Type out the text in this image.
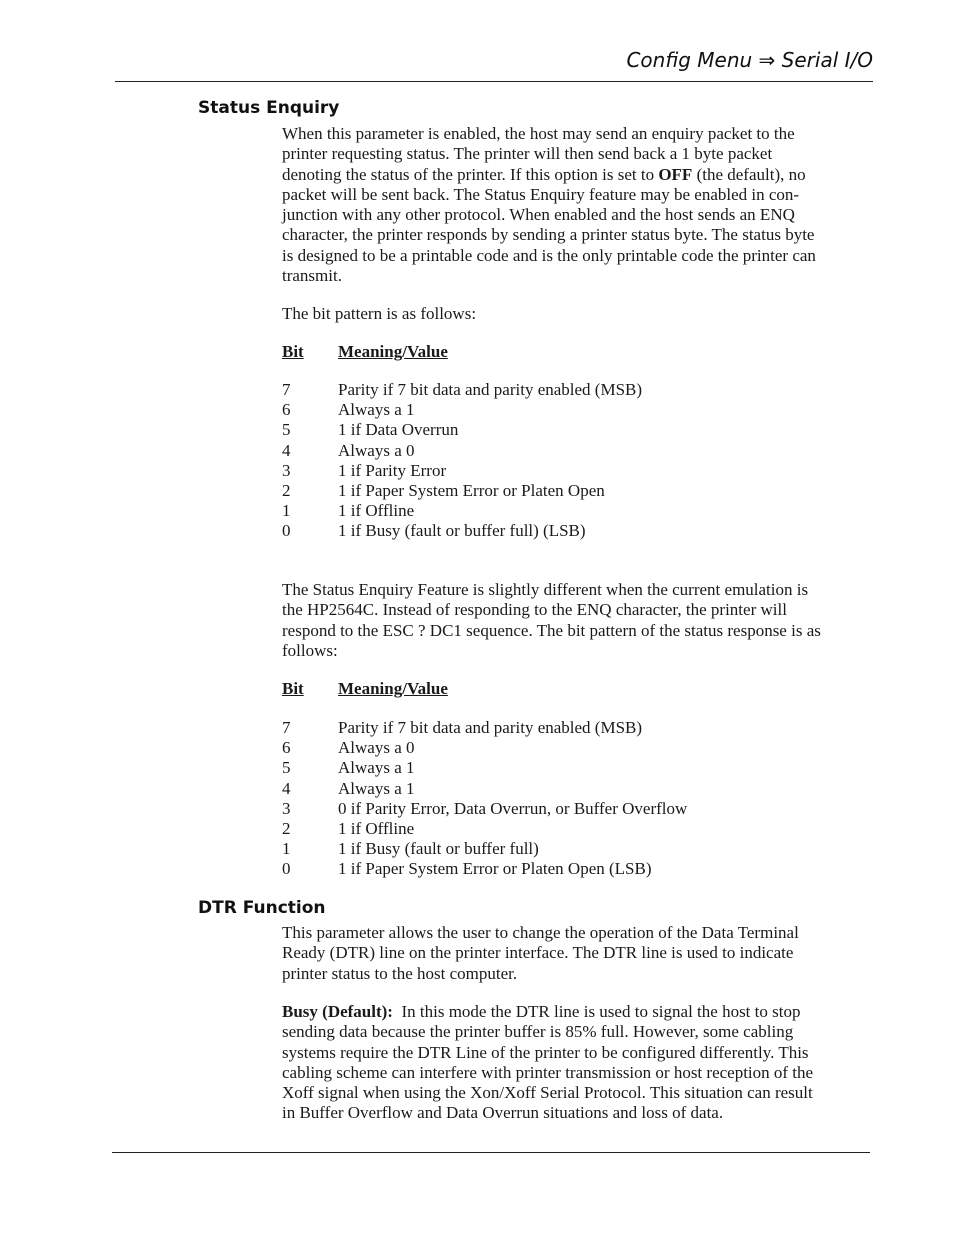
Config Menu ⇒ Serial I/O
Status Enquiry
When this parameter is enabled, the host may send an enquiry packet to the
printer requesting status. The printer will then send back a 1 byte packet
denoting the status of the printer. If this option is set to OFF (the default), no
packet will be sent back. The Status Enquiry feature may be enabled in con-
junction with any other protocol. When enabled and the host sends an ENQ
character, the printer responds by sending a printer status byte. The status byte
is designed to be a printable code and is the only printable code the printer can
transmit.
The bit pattern is as follows:
Bit Meaning/Value
7	Parity if 7 bit data and parity enabled (MSB)
6	Always a 1
5	1 if Data Overrun
4	Always a 0
3	1 if Parity Error
2	1 if Paper System Error or Platen Open
1	1 if Offline
0	1 if Busy (fault or buffer full) (LSB)
The Status Enquiry Feature is slightly different when the current emulation is
the HP2564C. Instead of responding to the ENQ character, the printer will
respond to the ESC ? DC1 sequence. The bit pattern of the status response is as
follows:
Bit Meaning/Value
7	Parity if 7 bit data and parity enabled (MSB)
6	Always a 0
5	Always a 1
4	Always a 1
3	0 if Parity Error, Data Overrun, or Buffer Overflow
2	1 if Offline
1	1 if Busy (fault or buffer full)
0	1 if Paper System Error or Platen Open (LSB)
DTR Function
This parameter allows the user to change the operation of the Data Terminal
Ready (DTR) line on the printer interface. The DTR line is used to indicate
printer status to the host computer.
Busy (Default):  In this mode the DTR line is used to signal the host to stop
sending data because the printer buffer is 85% full. However, some cabling
systems require the DTR Line of the printer to be configured differently. This
cabling scheme can interfere with printer transmission or host reception of the
Xoff signal when using the Xon/Xoff Serial Protocol. This situation can result
in Buffer Overflow and Data Overrun situations and loss of data.
